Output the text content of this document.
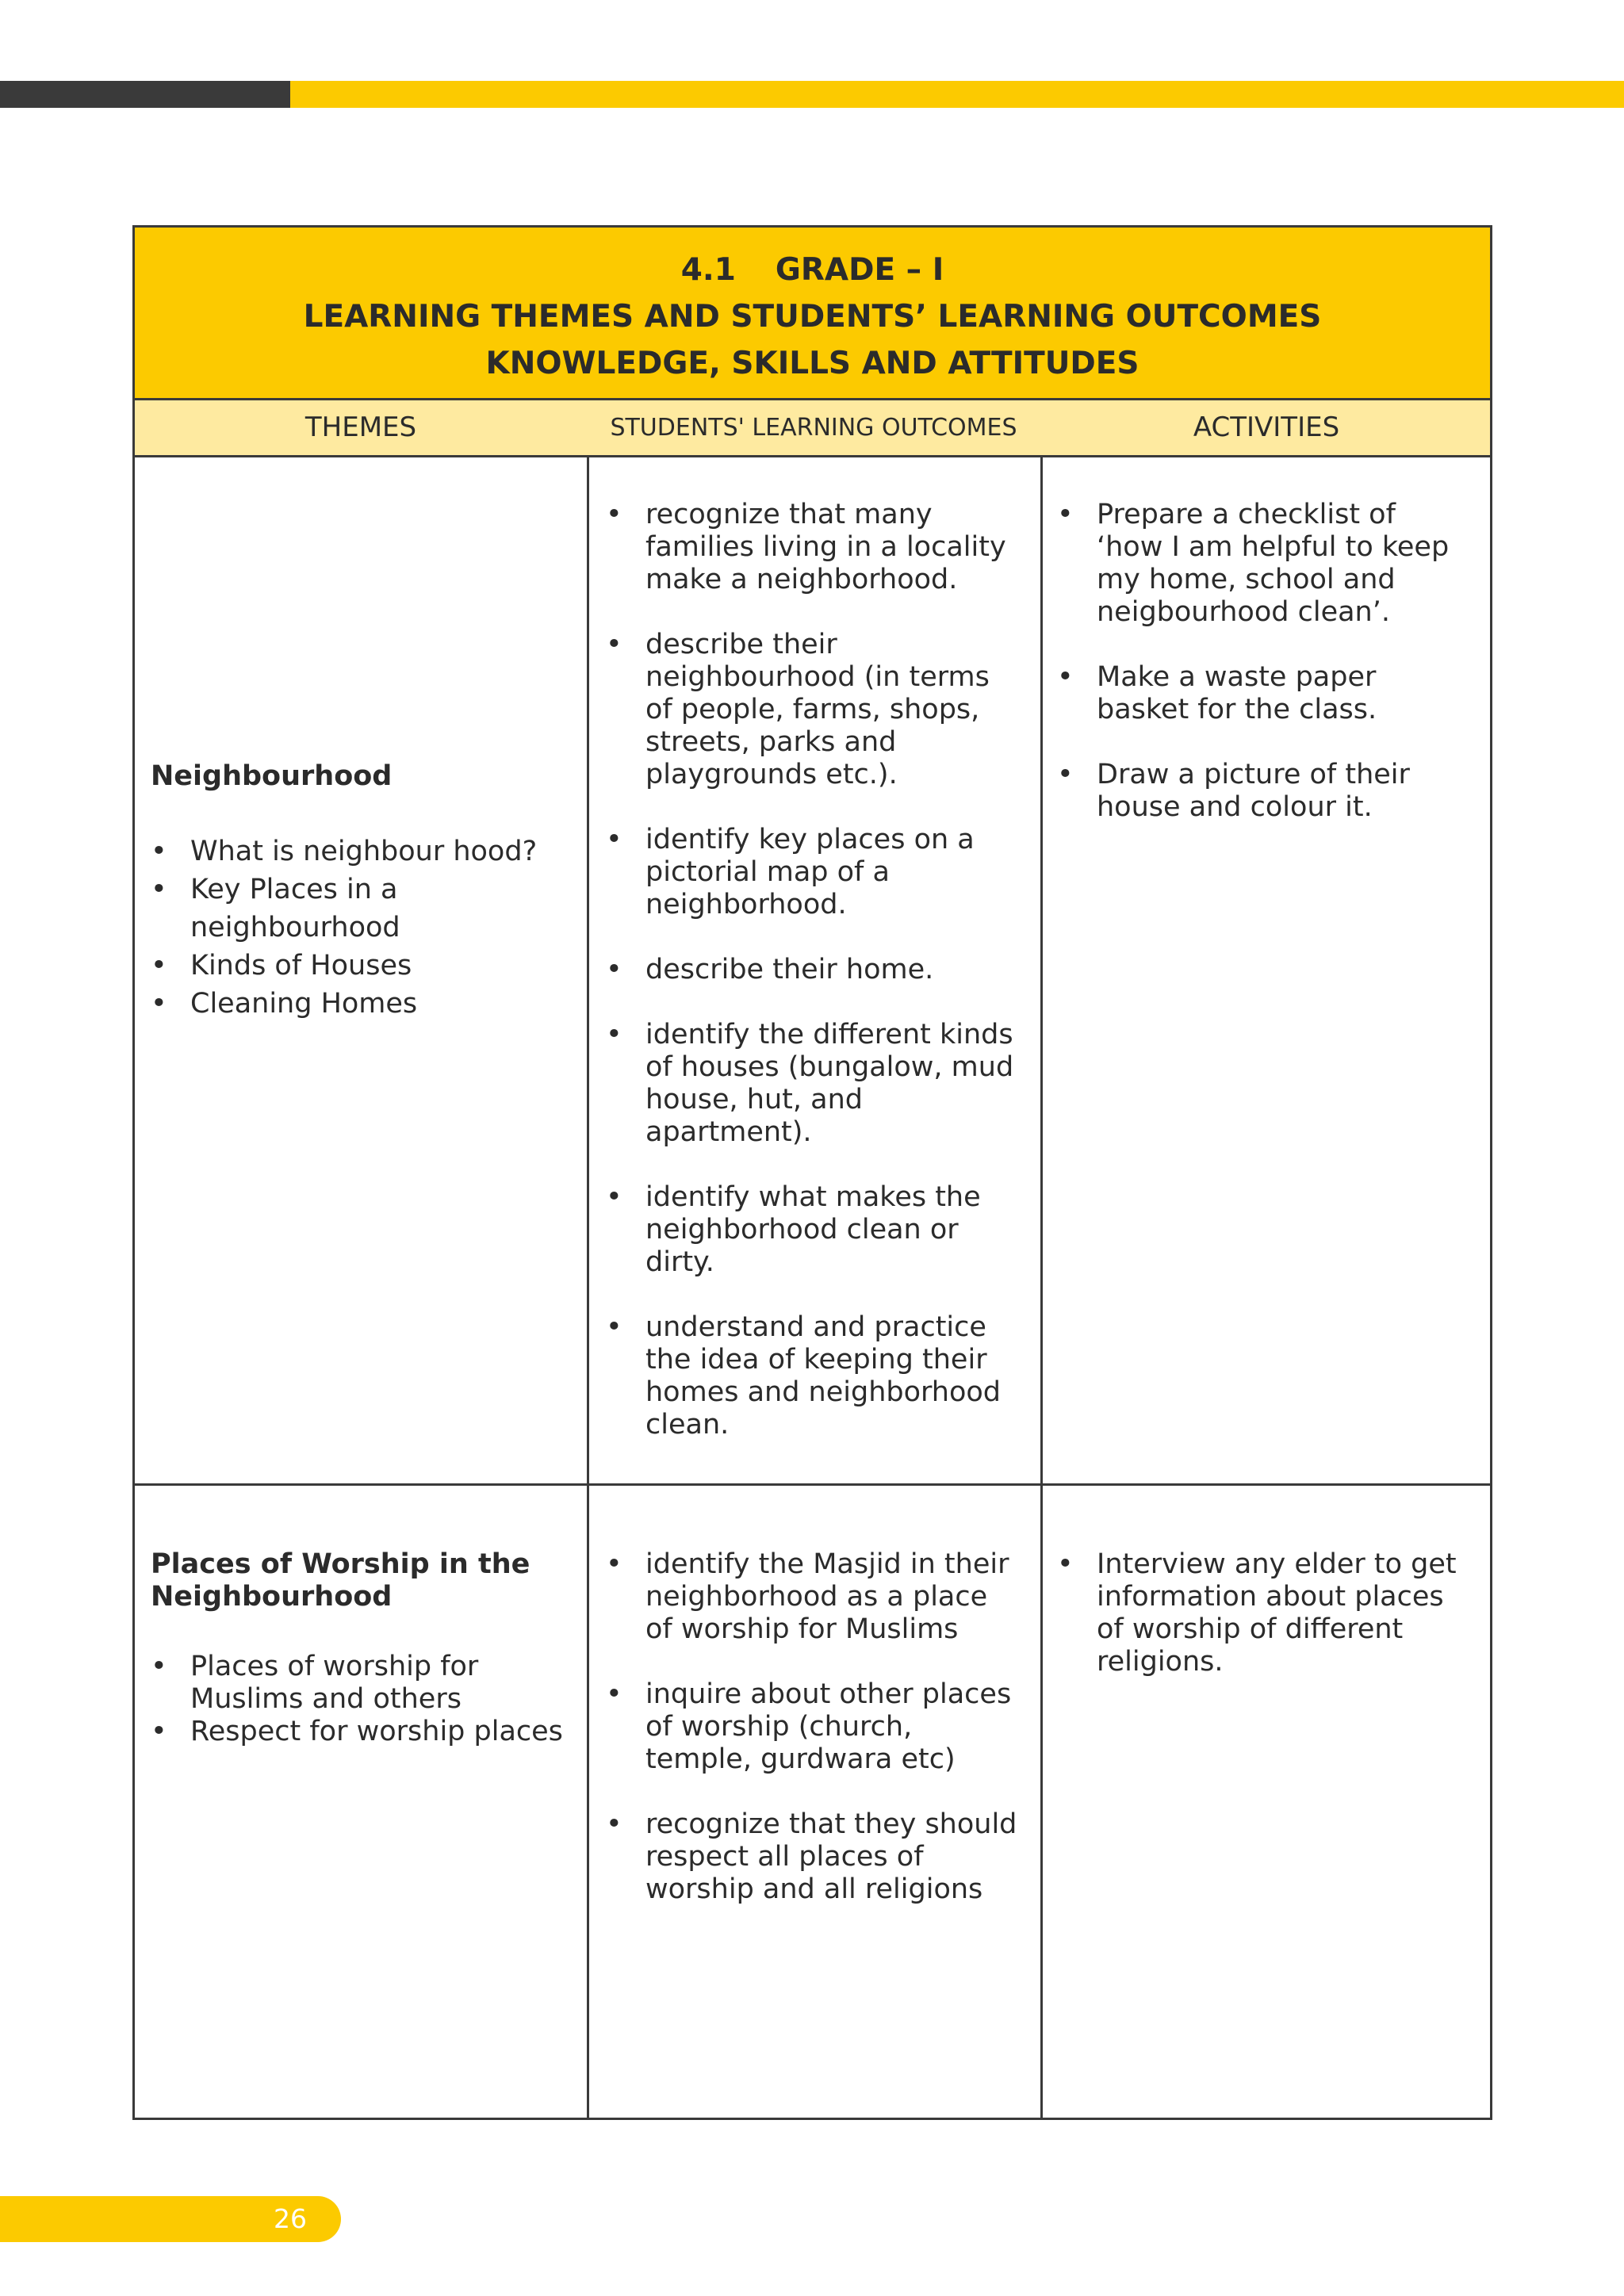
4.1 GRADE – I
LEARNING THEMES AND STUDENTS’ LEARNING OUTCOMES
KNOWLEDGE, SKILLS AND ATTITUDES
THEMES	STUDENTS' LEARNING OUTCOMES	ACTIVITIES
Neighbourhood
• What is neighbour hood?
• Key Places in a neighbourhood
• Kinds of Houses
• Cleaning Homes
• recognize that many families living in a locality make a neighborhood.
• describe their neighbourhood (in terms of people, farms, shops, streets, parks and playgrounds etc.).
• identify key places on a pictorial map of a neighborhood.
• describe their home.
• identify the different kinds of houses (bungalow, mud house, hut, and apartment).
• identify what makes the neighborhood clean or dirty.
• understand and practice the idea of keeping their homes and neighborhood clean.
• Prepare a checklist of ‘how I am helpful to keep my home, school and neigbourhood clean’.
• Make a waste paper basket for the class.
• Draw a picture of their house and colour it.
Places of Worship in the Neighbourhood
• Places of worship for Muslims and others
• Respect for worship places
• identify the Masjid in their neighborhood as a place of worship for Muslims
• inquire about other places of worship (church, temple, gurdwara etc)
• recognize that they should respect all places of worship and all religions
• Interview any elder to get information about places of worship of different religions.
26
